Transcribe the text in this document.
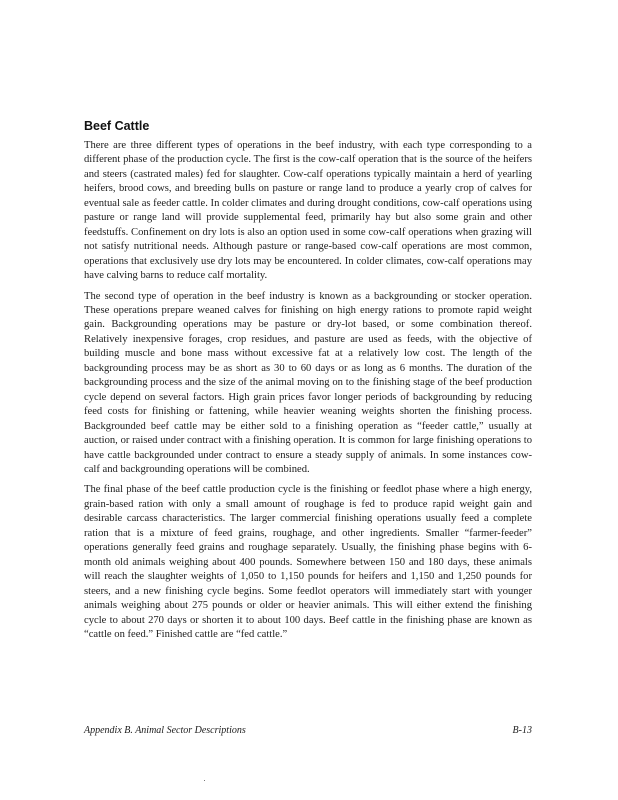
Beef Cattle

There are three different types of operations in the beef industry, with each type corresponding to a different phase of the production cycle. The first is the cow-calf operation that is the source of the heifers and steers (castrated males) fed for slaughter. Cow-calf operations typically maintain a herd of yearling heifers, brood cows, and breeding bulls on pasture or range land to produce a yearly crop of calves for eventual sale as feeder cattle. In colder climates and during drought conditions, cow-calf operations using pasture or range land will provide supplemental feed, primarily hay but also some grain and other feedstuffs. Confinement on dry lots is also an option used in some cow-calf operations when grazing will not satisfy nutritional needs. Although pasture or range-based cow-calf operations are most common, operations that exclusively use dry lots may be encountered. In colder climates, cow-calf operations may have calving barns to reduce calf mortality.

The second type of operation in the beef industry is known as a backgrounding or stocker operation. These operations prepare weaned calves for finishing on high energy rations to promote rapid weight gain. Backgrounding operations may be pasture or dry-lot based, or some combination thereof. Relatively inexpensive forages, crop residues, and pasture are used as feeds, with the objective of building muscle and bone mass without excessive fat at a relatively low cost. The length of the backgrounding process may be as short as 30 to 60 days or as long as 6 months. The duration of the backgrounding process and the size of the animal moving on to the finishing stage of the beef production cycle depend on several factors. High grain prices favor longer periods of backgrounding by reducing feed costs for finishing or fattening, while heavier weaning weights shorten the finishing process. Backgrounded beef cattle may be either sold to a finishing operation as “feeder cattle,” usually at auction, or raised under contract with a finishing operation. It is common for large finishing operations to have cattle backgrounded under contract to ensure a steady supply of animals. In some instances cow-calf and backgrounding operations will be combined.

The final phase of the beef cattle production cycle is the finishing or feedlot phase where a high energy, grain-based ration with only a small amount of roughage is fed to produce rapid weight gain and desirable carcass characteristics. The larger commercial finishing operations usually feed a complete ration that is a mixture of feed grains, roughage, and other ingredients. Smaller “farmer-feeder” operations generally feed grains and roughage separately. Usually, the finishing phase begins with 6-month old animals weighing about 400 pounds. Somewhere between 150 and 180 days, these animals will reach the slaughter weights of 1,050 to 1,150 pounds for heifers and 1,150 and 1,250 pounds for steers, and a new finishing cycle begins. Some feedlot operators will immediately start with younger animals weighing about 275 pounds or older or heavier animals. This will either extend the finishing cycle to about 270 days or shorten it to about 100 days. Beef cattle in the finishing phase are known as “cattle on feed.” Finished cattle are “fed cattle.”

Appendix B. Animal Sector Descriptions	B-13
